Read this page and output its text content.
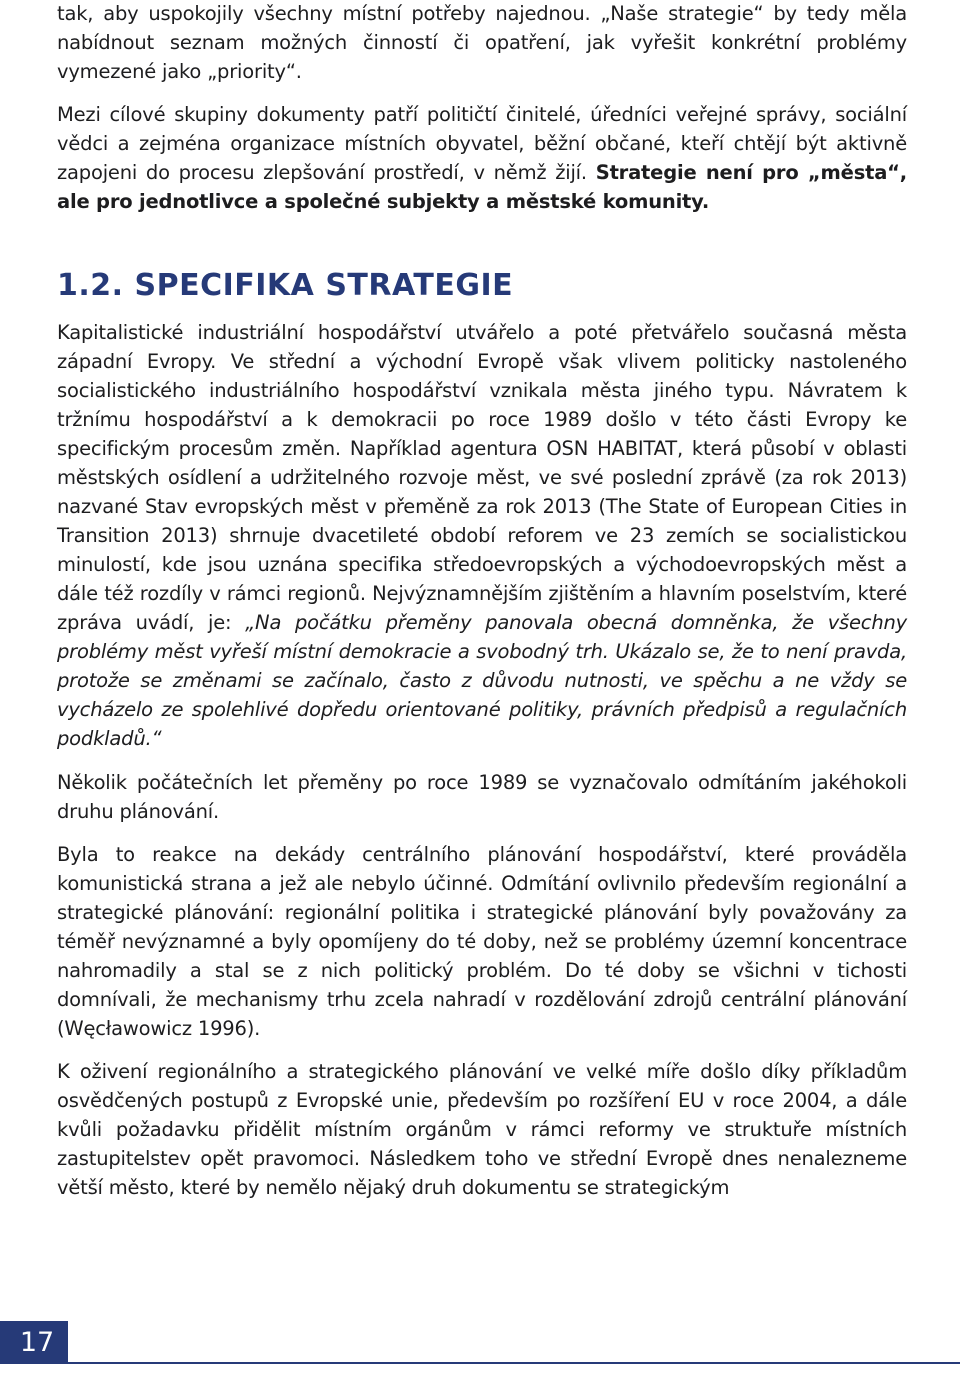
tak, aby uspokojily všechny místní potřeby najednou. „Naše strategie“ by tedy měla nabídnout seznam možných činností či opatření, jak vyřešit konkrétní problémy vymezené jako „priority“.

Mezi cílové skupiny dokumenty patří političtí činitelé, úředníci veřejné správy, sociální vědci a zejména organizace místních obyvatel, běžní občané, kteří chtějí být aktivně zapojeni do procesu zlepšování prostředí, v němž žijí. Strategie není pro „města“, ale pro jednotlivce a společné subjekty a městské komunity.

1.2. SPECIFIKA STRATEGIE

Kapitalistické industriální hospodářství utvářelo a poté přetvářelo současná města západní Evropy. Ve střední a východní Evropě však vlivem politicky nastoleného socialistického industriálního hospodářství vznikala města jiného typu. Návratem k tržnímu hospodářství a k demokracii po roce 1989 došlo v této části Evropy ke specifickým procesům změn. Například agentura OSN HABITAT, která působí v oblasti městských osídlení a udržitelného rozvoje měst, ve své poslední zprávě (za rok 2013) nazvané Stav evropských měst v přeměně za rok 2013 (The State of European Cities in Transition 2013) shrnuje dvacetileté období reforem ve 23 zemích se socialistickou minulostí, kde jsou uznána specifika středoevropských a východoevropských měst a dále též rozdíly v rámci regionů. Nejvýznamnějším zjištěním a hlavním poselstvím, které zpráva uvádí, je: „Na počátku přeměny panovala obecná domněnka, že všechny problémy měst vyřeší místní demokracie a svobodný trh. Ukázalo se, že to není pravda, protože se změnami se začínalo, často z důvodu nutnosti, ve spěchu a ne vždy se vycházelo ze spolehlivé dopředu orientované politiky, právních předpisů a regulačních podkladů.“

Několik počátečních let přeměny po roce 1989 se vyznačovalo odmítáním jakéhokoli druhu plánování.

Byla to reakce na dekády centrálního plánování hospodářství, které prováděla komunistická strana a jež ale nebylo účinné. Odmítání ovlivnilo především regionální a strategické plánování: regionální politika i strategické plánování byly považovány za téměř nevýznamné a byly opomíjeny do té doby, než se problémy územní koncentrace nahromadily a stal se z nich politický problém. Do té doby se všichni v tichosti domnívali, že mechanismy trhu zcela nahradí v rozdělování zdrojů centrální plánování (Węcławowicz 1996).

K oživení regionálního a strategického plánování ve velké míře došlo díky příkladům osvědčených postupů z Evropské unie, především po rozšíření EU v roce 2004, a dále kvůli požadavku přidělit místním orgánům v rámci reformy ve struktuře místních zastupitelstev opět pravomoci. Následkem toho ve střední Evropě dnes nenalezneme větší město, které by nemělo nějaký druh dokumentu se strategickým

17
